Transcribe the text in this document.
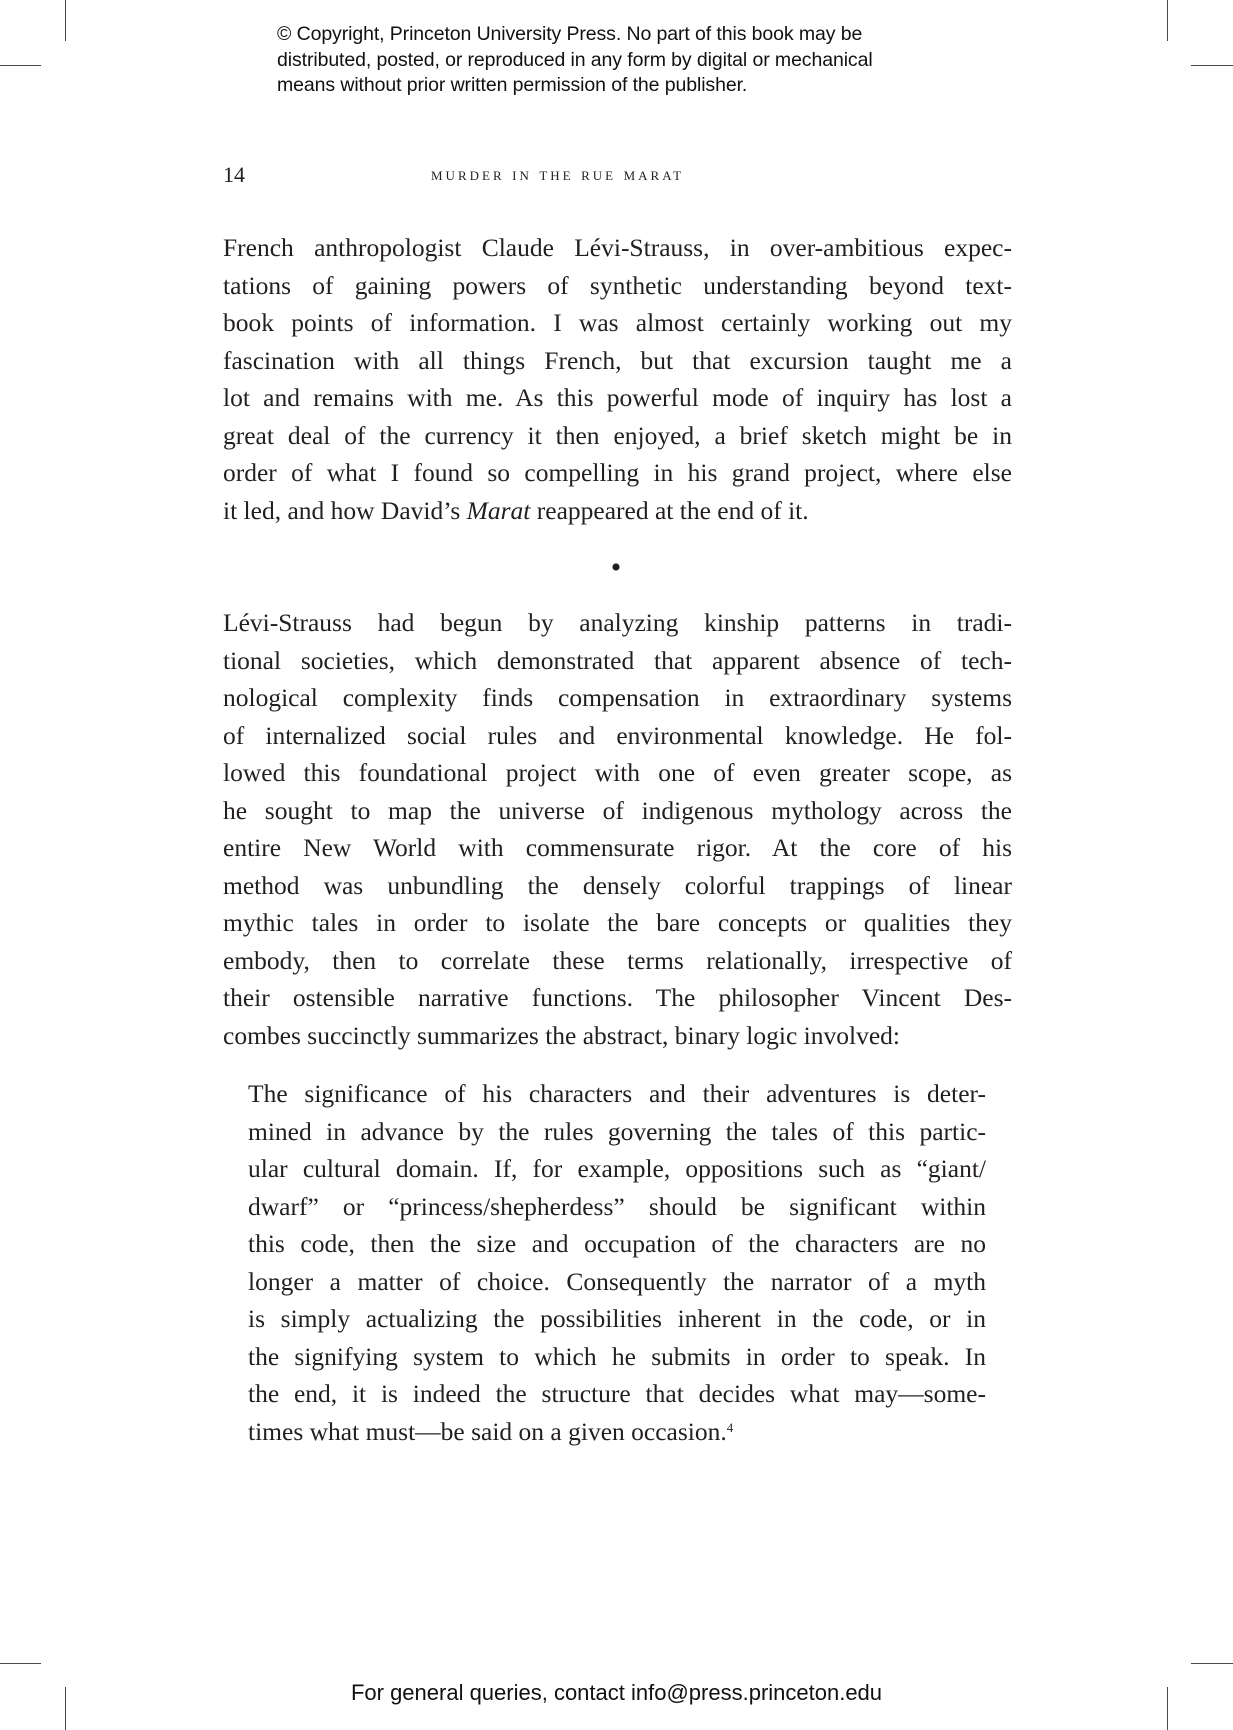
© Copyright, Princeton University Press. No part of this book may be
distributed, posted, or reproduced in any form by digital or mechanical
means without prior written permission of the publisher.
14	murder in the rue marat
French anthropologist Claude Lévi-Strauss, in over-ambitious expec-
tations of gaining powers of synthetic understanding beyond text-
book points of information. I was almost certainly working out my
fascination with all things French, but that excursion taught me a
lot and remains with me. As this powerful mode of inquiry has lost a
great deal of the currency it then enjoyed, a brief sketch might be in
order of what I found so compelling in his grand project, where else
it led, and how David’s Marat reappeared at the end of it.
Lévi-Strauss had begun by analyzing kinship patterns in tradi-
tional societies, which demonstrated that apparent absence of tech-
nological complexity finds compensation in extraordinary systems
of internalized social rules and environmental knowledge. He fol-
lowed this foundational project with one of even greater scope, as
he sought to map the universe of indigenous mythology across the
entire New World with commensurate rigor. At the core of his
method was unbundling the densely colorful trappings of linear
mythic tales in order to isolate the bare concepts or qualities they
embody, then to correlate these terms relationally, irrespective of
their ostensible narrative functions. The philosopher Vincent Des-
combes succinctly summarizes the abstract, binary logic involved:
The significance of his characters and their adventures is deter-
mined in advance by the rules governing the tales of this partic-
ular cultural domain. If, for example, oppositions such as “giant/
dwarf” or “princess/shepherdess” should be significant within
this code, then the size and occupation of the characters are no
longer a matter of choice. Consequently the narrator of a myth
is simply actualizing the possibilities inherent in the code, or in
the signifying system to which he submits in order to speak. In
the end, it is indeed the structure that decides what may—some-
times what must—be said on a given occasion.$^4$
For general queries, contact info@press.princeton.edu
